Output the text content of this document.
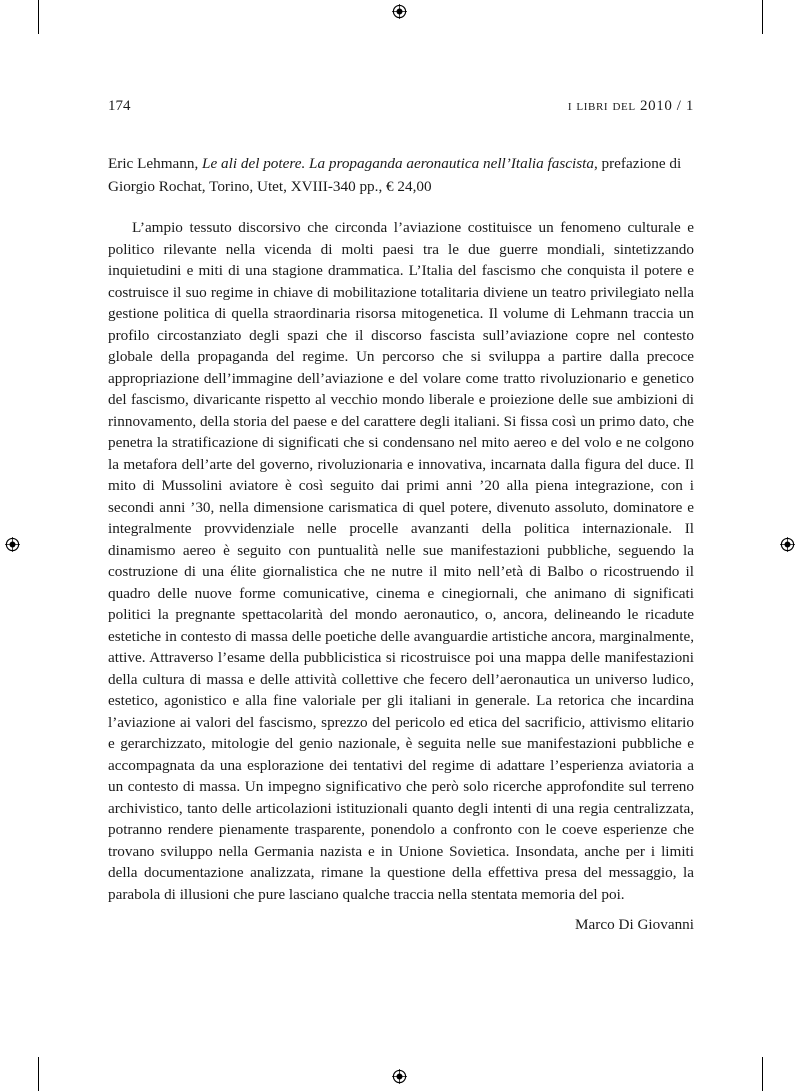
174	i libri del 2010 / 1
Eric Lehmann, Le ali del potere. La propaganda aeronautica nell’Italia fascista, prefazione di Giorgio Rochat, Torino, Utet, XVIII-340 pp., € 24,00

L’ampio tessuto discorsivo che circonda l’aviazione costituisce un fenomeno culturale e politico rilevante nella vicenda di molti paesi tra le due guerre mondiali, sintetizzando inquietudini e miti di una stagione drammatica. L’Italia del fascismo che conquista il potere e costruisce il suo regime in chiave di mobilitazione totalitaria diviene un teatro privilegiato nella gestione politica di quella straordinaria risorsa mitogenetica. Il volume di Lehmann traccia un profilo circostanziato degli spazi che il discorso fascista sull’aviazione copre nel contesto globale della propaganda del regime. Un percorso che si sviluppa a partire dalla precoce appropriazione dell’immagine dell’aviazione e del volare come tratto rivoluzionario e genetico del fascismo, divaricante rispetto al vecchio mondo liberale e proiezione delle sue ambizioni di rinnovamento, della storia del paese e del carattere degli italiani. Si fissa così un primo dato, che penetra la stratificazione di significati che si condensano nel mito aereo e del volo e ne colgono la metafora dell’arte del governo, rivoluzionaria e innovativa, incarnata dalla figura del duce. Il mito di Mussolini aviatore è così seguito dai primi anni ’20 alla piena integrazione, con i secondi anni ’30, nella dimensione carismatica di quel potere, divenuto assoluto, dominatore e integralmente provvidenziale nelle procelle avanzanti della politica internazionale. Il dinamismo aereo è seguito con puntualità nelle sue manifestazioni pubbliche, seguendo la costruzione di una élite giornalistica che ne nutre il mito nell’età di Balbo o ricostruendo il quadro delle nuove forme comunicative, cinema e cinegiornali, che animano di significati politici la pregnante spettacolarità del mondo aeronautico, o, ancora, delineando le ricadute estetiche in contesto di massa delle poetiche delle avanguardie artistiche ancora, marginalmente, attive. Attraverso l’esame della pubblicistica si ricostruisce poi una mappa delle manifestazioni della cultura di massa e delle attività collettive che fecero dell’aeronautica un universo ludico, estetico, agonistico e alla fine valoriale per gli italiani in generale. La retorica che incardina l’aviazione ai valori del fascismo, sprezzo del pericolo ed etica del sacrificio, attivismo elitario e gerarchizzato, mitologie del genio nazionale, è seguita nelle sue manifestazioni pubbliche e accompagnata da una esplorazione dei tentativi del regime di adattare l’esperienza aviatoria a un contesto di massa. Un impegno significativo che però solo ricerche approfondite sul terreno archivistico, tanto delle articolazioni istituzionali quanto degli intenti di una regia centralizzata, potranno rendere pienamente trasparente, ponendolo a confronto con le coeve esperienze che trovano sviluppo nella Germania nazista e in Unione Sovietica. Insondata, anche per i limiti della documentazione analizzata, rimane la questione della effettiva presa del messaggio, la parabola di illusioni che pure lasciano qualche traccia nella stentata memoria del poi.

Marco Di Giovanni
